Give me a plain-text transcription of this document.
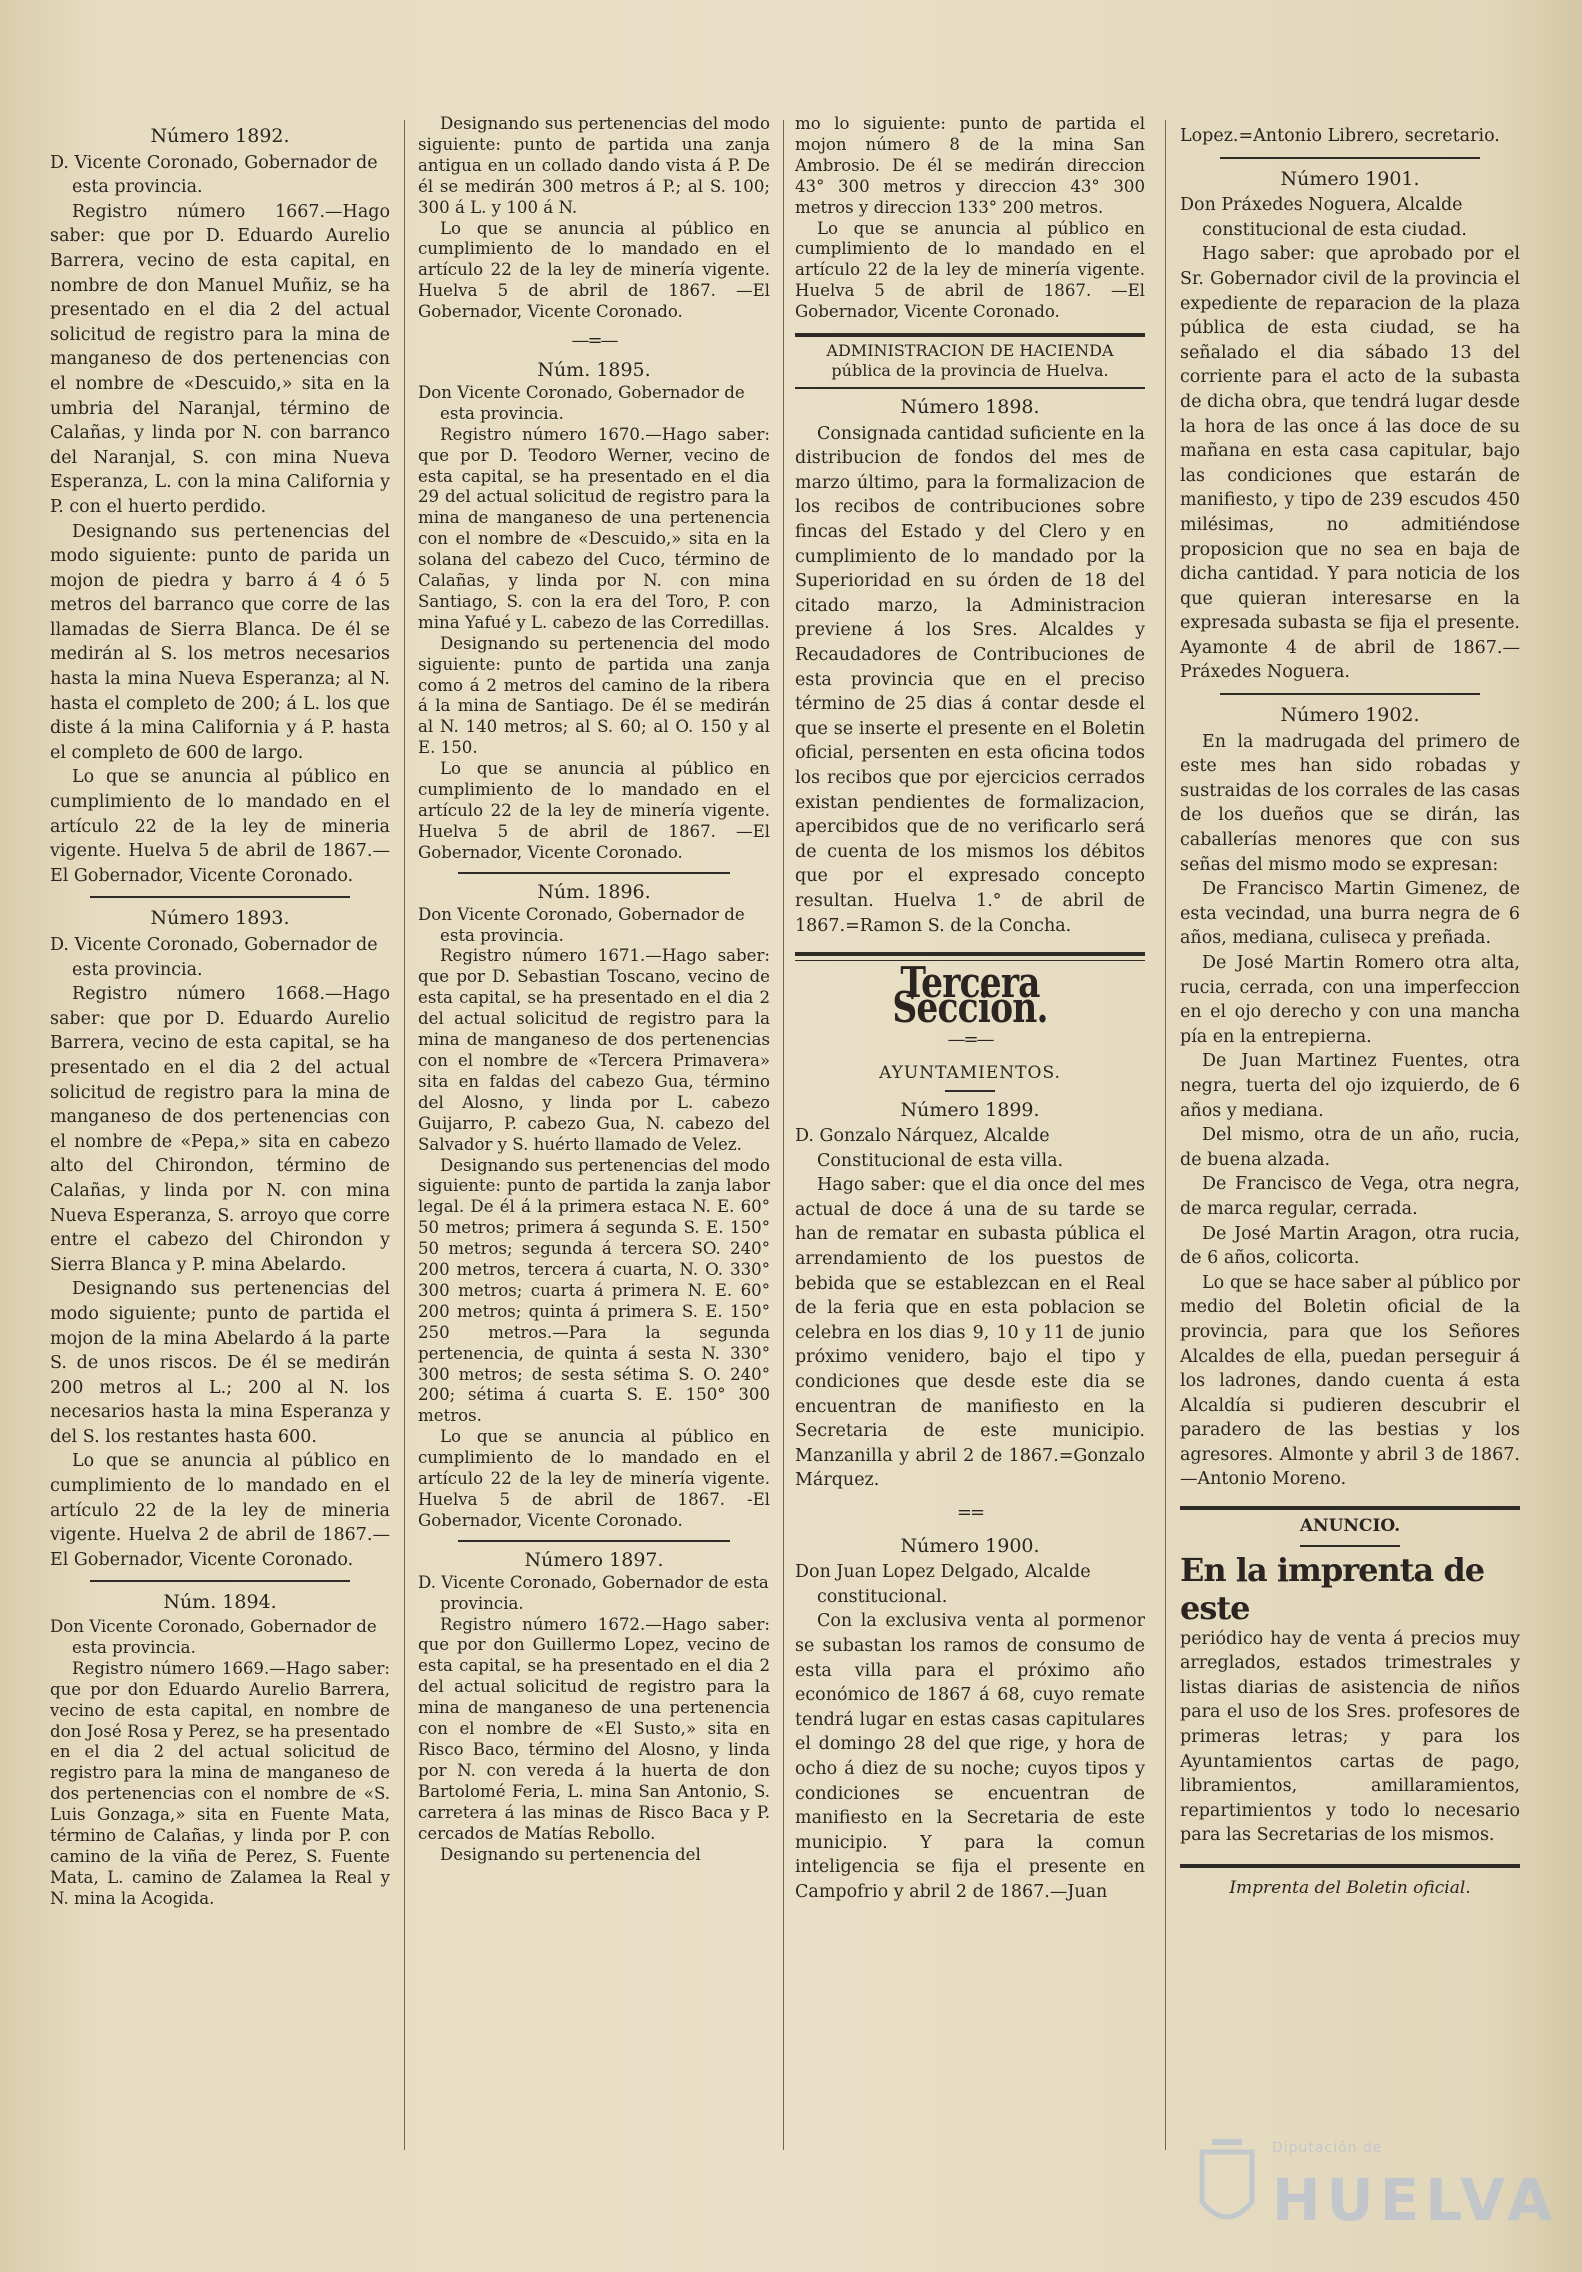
Número 1892.

D. Vicente Coronado, Gobernador de esta provincia.

Registro número 1667.—Hago saber: que por D. Eduardo Aurelio Barrera, vecino de esta capital, en nombre de don Manuel Muñiz, se ha presentado en el dia 2 del actual solicitud de registro para la mina de manganeso de dos pertenencias con el nombre de «Descuido,» sita en la umbria del Naranjal, término de Calañas, y linda por N. con barranco del Naranjal, S. con mina Nueva Esperanza, L. con la mina California y P. con el huerto perdido.

Designando sus pertenencias del modo siguiente: punto de parida un mojon de piedra y barro á 4 ó 5 metros del barranco que corre de las llamadas de Sierra Blanca. De él se medirán al S. los metros necesarios hasta la mina Nueva Esperanza; al N. hasta el completo de 200; á L. los que diste á la mina California y á P. hasta el completo de 600 de largo.

Lo que se anuncia al público en cumplimiento de lo mandado en el artículo 22 de la ley de mineria vigente. Huelva 5 de abril de 1867.—El Gobernador, Vicente Coronado.

Número 1893.

D. Vicente Coronado, Gobernador de esta provincia.

Registro número 1668.—Hago saber: que por D. Eduardo Aurelio Barrera, vecino de esta capital, se ha presentado en el dia 2 del actual solicitud de registro para la mina de manganeso de dos pertenencias con el nombre de «Pepa,» sita en cabezo alto del Chirondon, término de Calañas, y linda por N. con mina Nueva Esperanza, S. arroyo que corre entre el cabezo del Chirondon y Sierra Blanca y P. mina Abelardo.

Designando sus pertenencias del modo siguiente; punto de partida el mojon de la mina Abelardo á la parte S. de unos riscos. De él se medirán 200 metros al L.; 200 al N. los necesarios hasta la mina Esperanza y del S. los restantes hasta 600.

Lo que se anuncia al público en cumplimiento de lo mandado en el artículo 22 de la ley de mineria vigente. Huelva 2 de abril de 1867.—El Gobernador, Vicente Coronado.

Núm. 1894.

Don Vicente Coronado, Gobernador de esta provincia.

Registro número 1669.—Hago saber: que por don Eduardo Aurelio Barrera, vecino de esta capital, en nombre de don José Rosa y Perez, se ha presentado en el dia 2 del actual solicitud de registro para la mina de manganeso de dos pertenencias con el nombre de «S. Luis Gonzaga,» sita en Fuente Mata, término de Calañas, y linda por P. con camino de la viña de Perez, S. Fuente Mata, L. camino de Zalamea la Real y N. mina la Acogida.

Designando sus pertenencias del modo siguiente: punto de partida una zanja antigua en un collado dando vista á P. De él se medirán 300 metros á P.; al S. 100; 300 á L. y 100 á N.

Lo que se anuncia al público en cumplimiento de lo mandado en el artículo 22 de la ley de minería vigente. Huelva 5 de abril de 1867. —El Gobernador, Vicente Coronado.

—=—
Núm. 1895.

Don Vicente Coronado, Gobernador de esta provincia.

Registro número 1670.—Hago saber: que por D. Teodoro Werner, vecino de esta capital, se ha presentado en el dia 29 del actual solicitud de registro para la mina de manganeso de una pertenencia con el nombre de «Descuido,» sita en la solana del cabezo del Cuco, término de Calañas, y linda por N. con mina Santiago, S. con la era del Toro, P. con mina Yafué y L. cabezo de las Corredillas.

Designando su pertenencia del modo siguiente: punto de partida una zanja como á 2 metros del camino de la ribera á la mina de Santiago. De él se medirán al N. 140 metros; al S. 60; al O. 150 y al E. 150.

Lo que se anuncia al público en cumplimiento de lo mandado en el artículo 22 de la ley de minería vigente. Huelva 5 de abril de 1867. —El Gobernador, Vicente Coronado.

Núm. 1896.

Don Vicente Coronado, Gobernador de esta provincia.

Registro número 1671.—Hago saber: que por D. Sebastian Toscano, vecino de esta capital, se ha presentado en el dia 2 del actual solicitud de registro para la mina de manganeso de dos pertenencias con el nombre de «Tercera Primavera» sita en faldas del cabezo Gua, término del Alosno, y linda por L. cabezo Guijarro, P. cabezo Gua, N. cabezo del Salvador y S. huérto llamado de Velez.

Designando sus pertenencias del modo siguiente: punto de partida la zanja labor legal. De él á la primera estaca N. E. 60° 50 metros; primera á segunda S. E. 150° 50 metros; segunda á tercera SO. 240° 200 metros, tercera á cuarta, N. O. 330° 300 metros; cuarta á primera N. E. 60° 200 metros; quinta á primera S. E. 150° 250 metros.—Para la segunda pertenencia, de quinta á sesta N. 330° 300 metros; de sesta sétima S. O. 240° 200; sétima á cuarta S. E. 150° 300 metros.

Lo que se anuncia al público en cumplimiento de lo mandado en el artículo 22 de la ley de minería vigente. Huelva 5 de abril de 1867. -El Gobernador, Vicente Coronado.

Número 1897.

D. Vicente Coronado, Gobernador de esta provincia.

Registro número 1672.—Hago saber: que por don Guillermo Lopez, vecino de esta capital, se ha presentado en el dia 2 del actual solicitud de registro para la mina de manganeso de una pertenencia con el nombre de «El Susto,» sita en Risco Baco, término del Alosno, y linda por N. con vereda á la huerta de don Bartolomé Feria, L. mina San Antonio, S. carretera á las minas de Risco Baca y P. cercados de Matías Rebollo.

Designando su pertenencia del

mo lo siguiente: punto de partida el mojon número 8 de la mina San Ambrosio. De él se medirán direccion 43° 300 metros y direccion 43° 300 metros y direccion 133° 200 metros.

Lo que se anuncia al público en cumplimiento de lo mandado en el artículo 22 de la ley de minería vigente. Huelva 5 de abril de 1867. —El Gobernador, Vicente Coronado.

ADMINISTRACION DE HACIENDA
pública de la provincia de Huelva.
Número 1898.

Consignada cantidad suficiente en la distribucion de fondos del mes de marzo último, para la formalizacion de los recibos de contribuciones sobre fincas del Estado y del Clero y en cumplimiento de lo mandado por la Superioridad en su órden de 18 del citado marzo, la Administracion previene á los Sres. Alcaldes y Recaudadores de Contribuciones de esta provincia que en el preciso término de 25 dias á contar desde el que se inserte el presente en el Boletin oficial, persenten en esta oficina todos los recibos que por ejercicios cerrados existan pendientes de formalizacion, apercibidos que de no verificarlo será de cuenta de los mismos los débitos que por el expresado concepto resultan. Huelva 1.° de abril de 1867.=Ramon S. de la Concha.

Tercera Seccion.
—=—
AYUNTAMIENTOS.
Número 1899.

D. Gonzalo Nárquez, Alcalde Constitucional de esta villa.

Hago saber: que el dia once del mes actual de doce á una de su tarde se han de rematar en subasta pública el arrendamiento de los puestos de bebida que se establezcan en el Real de la feria que en esta poblacion se celebra en los dias 9, 10 y 11 de junio próximo venidero, bajo el tipo y condiciones que desde este dia se encuentran de manifiesto en la Secretaria de este municipio. Manzanilla y abril 2 de 1867.=Gonzalo Márquez.

==
Número 1900.

Don Juan Lopez Delgado, Alcalde constitucional.

Con la exclusiva venta al pormenor se subastan los ramos de consumo de esta villa para el próximo año económico de 1867 á 68, cuyo remate tendrá lugar en estas casas capitulares el domingo 28 del que rige, y hora de ocho á diez de su noche; cuyos tipos y condiciones se encuentran de manifiesto en la Secretaria de este municipio. Y para la comun inteligencia se fija el presente en Campofrio y abril 2 de 1867.—Juan

Lopez.=Antonio Librero, secretario.

Número 1901.

Don Práxedes Noguera, Alcalde constitucional de esta ciudad.

Hago saber: que aprobado por el Sr. Gobernador civil de la provincia el expediente de reparacion de la plaza pública de esta ciudad, se ha señalado el dia sábado 13 del corriente para el acto de la subasta de dicha obra, que tendrá lugar desde la hora de las once á las doce de su mañana en esta casa capitular, bajo las condiciones que estarán de manifiesto, y tipo de 239 escudos 450 milésimas, no admitiéndose proposicion que no sea en baja de dicha cantidad. Y para noticia de los que quieran interesarse en la expresada subasta se fija el presente. Ayamonte 4 de abril de 1867.—Práxedes Noguera.

Número 1902.

En la madrugada del primero de este mes han sido robadas y sustraidas de los corrales de las casas de los dueños que se dirán, las caballerías menores que con sus señas del mismo modo se expresan:

De Francisco Martin Gimenez, de esta vecindad, una burra negra de 6 años, mediana, culiseca y preñada.

De José Martin Romero otra alta, rucia, cerrada, con una imperfeccion en el ojo derecho y con una mancha pía en la entrepierna.

De Juan Martinez Fuentes, otra negra, tuerta del ojo izquierdo, de 6 años y mediana.

Del mismo, otra de un año, rucia, de buena alzada.

De Francisco de Vega, otra negra, de marca regular, cerrada.

De José Martin Aragon, otra rucia, de 6 años, colicorta.

Lo que se hace saber al público por medio del Boletin oficial de la provincia, para que los Señores Alcaldes de ella, puedan perseguir á los ladrones, dando cuenta á esta Alcaldía si pudieren descubrir el paradero de las bestias y los agresores. Almonte y abril 3 de 1867.—Antonio Moreno.

ANUNCIO.

En la imprenta de este

periódico hay de venta á precios muy arreglados, estados trimestrales y listas diarias de asistencia de niños para el uso de los Sres. profesores de primeras letras; y para los Ayuntamientos cartas de pago, libramientos, amillaramientos, repartimientos y todo lo necesario para las Secretarias de los mismos.

Imprenta del Boletin oficial.
Diputación de
HUELVA
